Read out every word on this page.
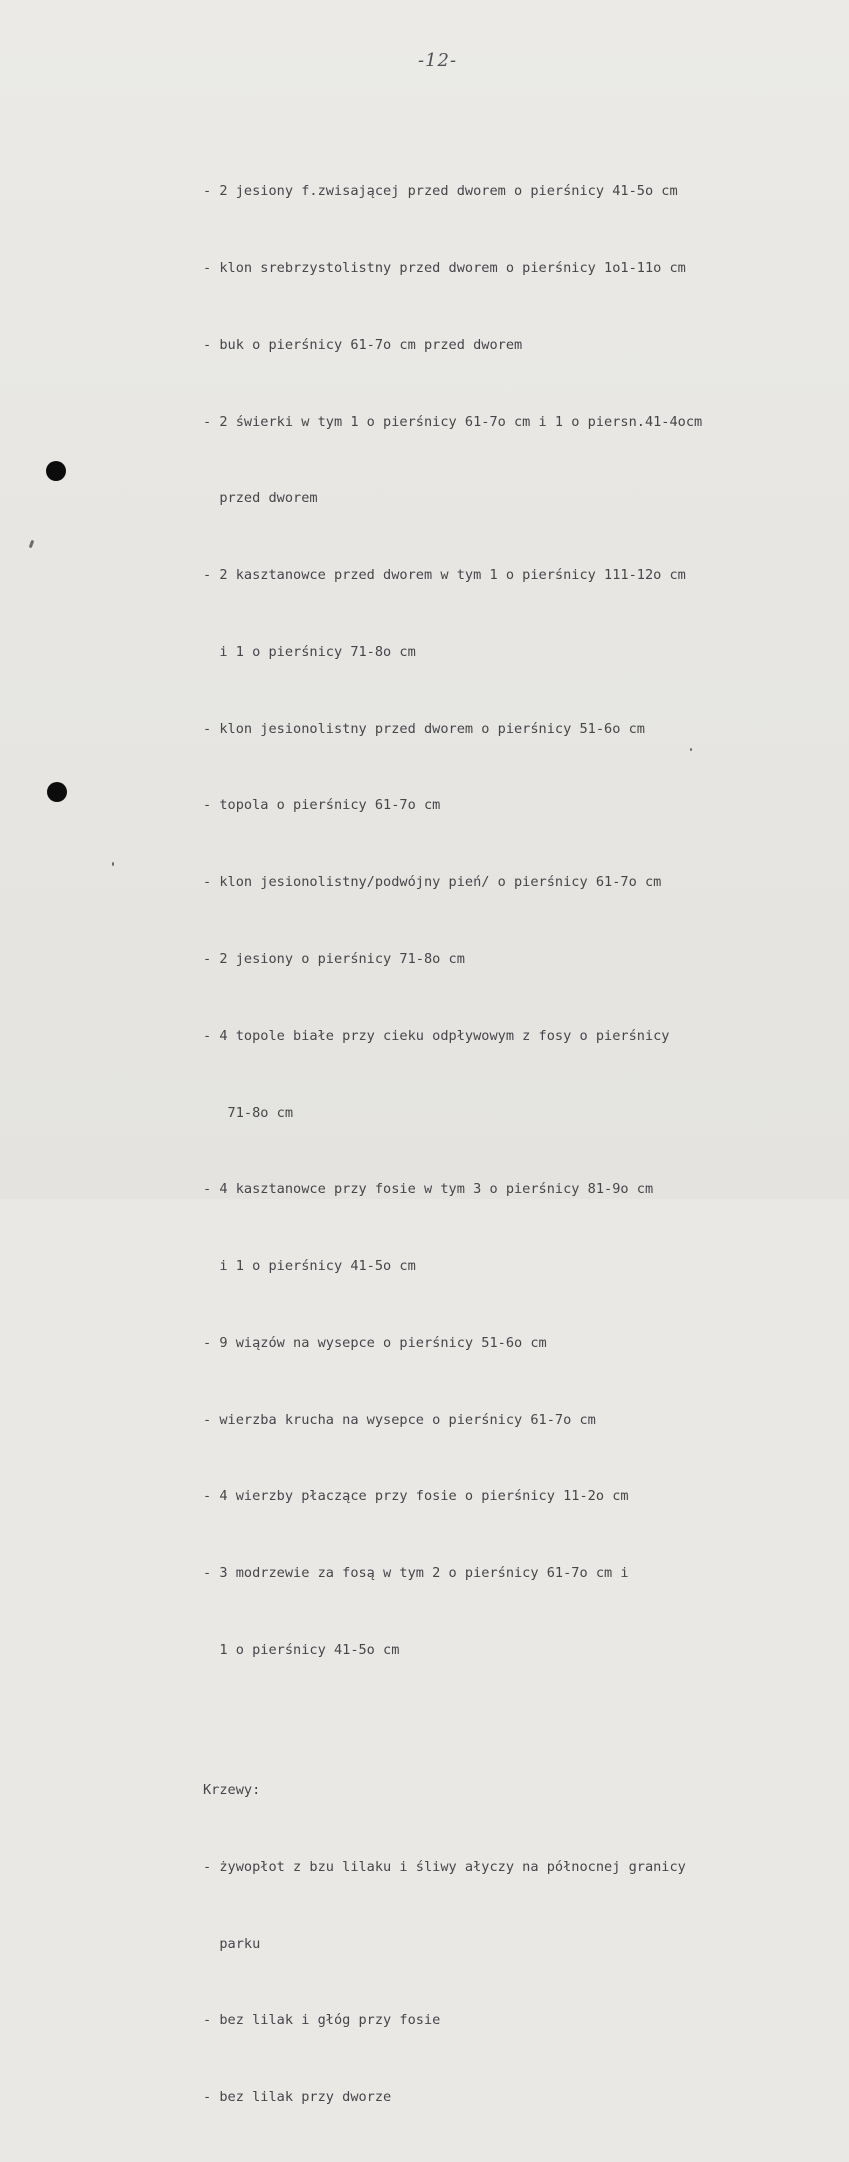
-12-

- 2 jesiony f.zwisającej przed dworem o pierśnicy 41-5o cm

- klon srebrzystolistny przed dworem o pierśnicy 1o1-11o cm

- buk o pierśnicy 61-7o cm przed dworem

- 2 świerki w tym 1 o pierśnicy 61-7o cm i 1 o piersn.41-4ocm

przed dworem

- 2 kasztanowce przed dworem w tym 1 o pierśnicy 111-12o cm

i 1 o pierśnicy 71-8o cm

- klon jesionolistny przed dworem o pierśnicy 51-6o cm

- topola o pierśnicy 61-7o cm

- klon jesionolistny/podwójny pień/ o pierśnicy 61-7o cm

- 2 jesiony o pierśnicy 71-8o cm

- 4 topole białe przy cieku odpływowym z fosy o pierśnicy

71-8o cm

- 4 kasztanowce przy fosie w tym 3 o pierśnicy 81-9o cm

i 1 o pierśnicy 41-5o cm

- 9 wiązów na wysepce o pierśnicy 51-6o cm

- wierzba krucha na wysepce o pierśnicy 61-7o cm

- 4 wierzby płaczące przy fosie o pierśnicy 11-2o cm

- 3 modrzewie za fosą w tym 2 o pierśnicy 61-7o cm i

1 o pierśnicy 41-5o cm

Krzewy:

- żywopłot z bzu lilaku i śliwy ałyczy na północnej granicy

parku

- bez lilak i głóg przy fosie

- bez lilak przy dworze
